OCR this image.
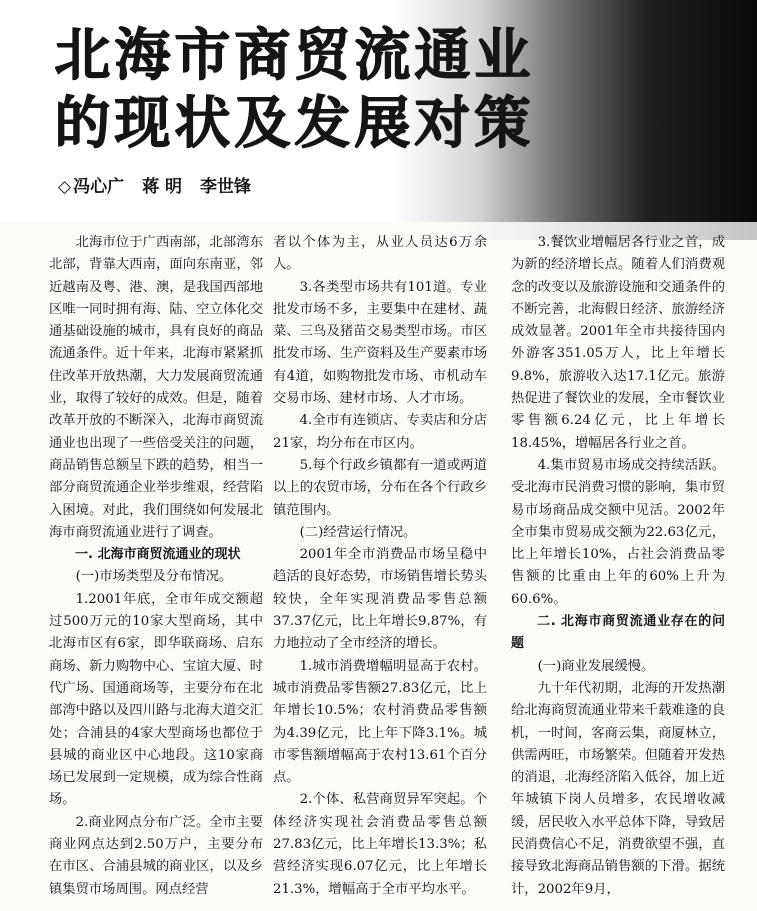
北海市商贸流通业
的现状及发展对策

◇ 冯心广 蒋 明 李世锋

北海市位于广西南部，北部湾东北部，背靠大西南，面向东南亚，邻近越南及粤、港、澳，是我国西部地区唯一同时拥有海、陆、空立体化交通基础设施的城市，具有良好的商品流通条件。近十年来，北海市紧紧抓住改革开放热潮，大力发展商贸流通业，取得了较好的成效。但是，随着改革开放的不断深入，北海市商贸流通业也出现了一些倍受关注的问题，商品销售总额呈下跌的趋势，相当一部分商贸流通企业举步维艰，经营陷入困境。对此，我们围绕如何发展北海市商贸流通业进行了调查。

一. 北海市商贸流通业的现状

(一)市场类型及分布情况。

1.2001年底，全市年成交额超过500万元的10家大型商场，其中北海市区有6家，即华联商场、启东商场、新力购物中心、宝谊大厦、时代广场、国通商场等，主要分布在北部湾中路以及四川路与北海大道交汇处；合浦县的4家大型商场也都位于县城的商业区中心地段。这10家商场已发展到一定规模，成为综合性商场。

2.商业网点分布广泛。全市主要商业网点达到2.50万户，主要分布在市区、合浦县城的商业区，以及乡镇集贸市场周围。网点经营

者以个体为主，从业人员达6万余人。

3.各类型市场共有101道。专业批发市场不多，主要集中在建材、蔬菜、三鸟及猪苗交易类型市场。市区批发市场、生产资料及生产要素市场有4道，如购物批发市场、市机动车交易市场、建材市场、人才市场。

4.全市有连锁店、专卖店和分店21家，均分布在市区内。

5.每个行政乡镇都有一道或两道以上的农贸市场，分布在各个行政乡镇范围内。

(二)经营运行情况。

2001年全市消费品市场呈稳中趋活的良好态势，市场销售增长势头较快，全年实现消费品零售总额37.37亿元，比上年增长9.87%，有力地拉动了全市经济的增长。

1.城市消费增幅明显高于农村。城市消费品零售额27.83亿元，比上年增长10.5%；农村消费品零售额为4.39亿元，比上年下降3.1%。城市零售额增幅高于农村13.61个百分点。

2.个体、私营商贸异军突起。个体经济实现社会消费品零售总额27.83亿元，比上年增长13.3%；私营经济实现6.07亿元，比上年增长21.3%，增幅高于全市平均水平。

3.餐饮业增幅居各行业之首，成为新的经济增长点。随着人们消费观念的改变以及旅游设施和交通条件的不断完善，北海假日经济、旅游经济成效显著。2001年全市共接待国内外游客351.05万人，比上年增长9.8%，旅游收入达17.1亿元。旅游热促进了餐饮业的发展，全市餐饮业零售额6.24亿元，比上年增长18.45%，增幅居各行业之首。

4.集市贸易市场成交持续活跃。受北海市民消费习惯的影响，集市贸易市场商品成交额中见活。2002年全市集市贸易成交额为22.63亿元，比上年增长10%，占社会消费品零售额的比重由上年的60%上升为60.6%。

二. 北海市商贸流通业存在的问题

(一)商业发展缓慢。

九十年代初期，北海的开发热潮给北海商贸流通业带来千载难逢的良机，一时间，客商云集，商厦林立，供需两旺，市场繁荣。但随着开发热的消退，北海经济陷入低谷，加上近年城镇下岗人员增多，农民增收减缓，居民收入水平总体下降，导致居民消费信心不足，消费欲望不强，直接导致北海商品销售额的下滑。据统计，2002年9月，
